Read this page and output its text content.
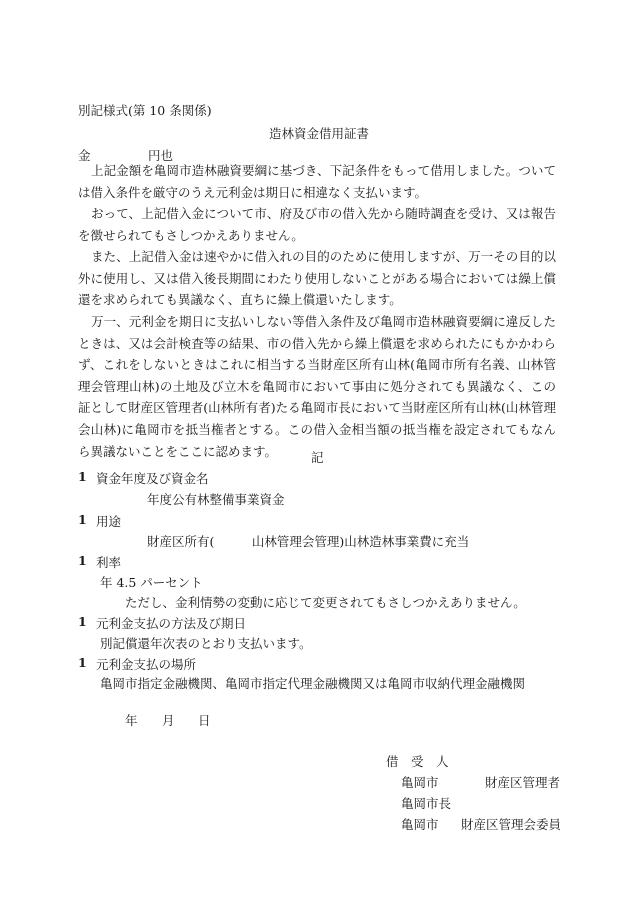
別記様式(第 10 条関係)
造林資金借用証書
金	円也
上記金額を亀岡市造林融資要綱に基づき、下記条件をもって借用しました。ついては借入条件を厳守のうえ元利金は期日に相違なく支払います。
おって、上記借入金について市、府及び市の借入先から随時調査を受け、又は報告を徴せられてもさしつかえありません。
また、上記借入金は速やかに借入れの目的のために使用しますが、万一その目的以外に使用し、又は借入後長期間にわたり使用しないことがある場合においては繰上償還を求められても異議なく、直ちに繰上償還いたします。
万一、元利金を期日に支払いしない等借入条件及び亀岡市造林融資要綱に違反したときは、又は会計検査等の結果、市の借入先から繰上償還を求められたにもかかわらず、これをしないときはこれに相当する当財産区所有山林(亀岡市所有名義、山林管理会管理山林)の土地及び立木を亀岡市において事由に処分されても異議なく、この証として財産区管理者(山林所有者)たる亀岡市長において当財産区所有山林(山林管理会山林)に亀岡市を抵当権者とする。この借入金相当額の抵当権を設定されてもなんら異議ないことをここに認めます。	記
1 資金年度及び資金名
年度公有林整備事業資金
1 用途
財産区所有(　　　山林管理会管理)山林造林事業費に充当
1 利率
年 4.5 パーセント
ただし、金利情勢の変動に応じて変更されてもさしつかえありません。
1 元利金支払の方法及び期日
別記償還年次表のとおり支払います。
1 元利金支払の場所
亀岡市指定金融機関、亀岡市指定代理金融機関又は亀岡市収納代理金融機関
年 月 日
借　受　人
亀岡市	財産区管理者
亀岡市長
亀岡市 財産区管理会委員
